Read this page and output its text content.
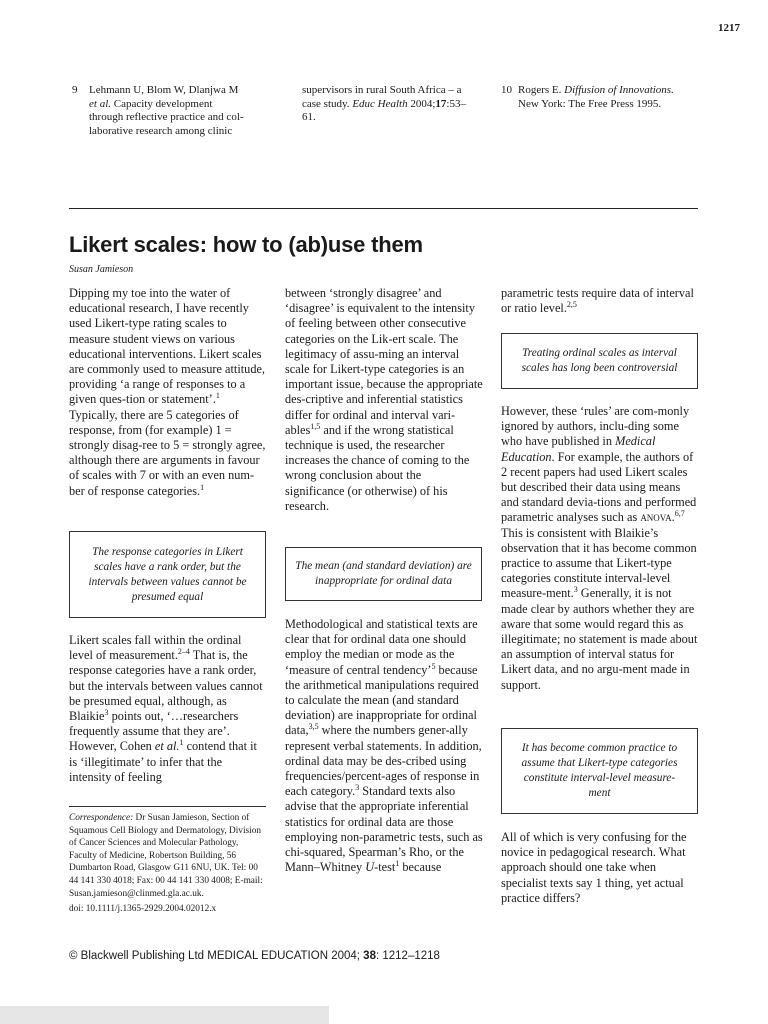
1217
9 Lehmann U, Blom W, Dlanjwa M
et al. Capacity development
through reflective practice and col-
laborative research among clinic
supervisors in rural South Africa – a
case study. Educ Health 2004;17:53–
61.
10 Rogers E. Diffusion of Innovations.
New York: The Free Press 1995.
Likert scales: how to (ab)use them
Susan Jamieson

Dipping my toe into the water of educational research, I have recently used Likert-type rating scales to measure student views on various educational interventions. Likert scales are commonly used to measure attitude, providing ‘a range of responses to a given ques-tion or statement’.$^1$ Typically, there are 5 categories of response, from (for example) 1 = strongly disag-ree to 5 = strongly agree, although there are arguments in favour of scales with 7 or with an even num-ber of response categories.$^1$

The response categories in Likert scales have a rank order, but the intervals between values cannot be presumed equal

Likert scales fall within the ordinal level of measurement.$^{2-4}$ That is, the response categories have a rank order, but the intervals between values cannot be presumed equal, although, as Blaikie$^3$ points out, ‘…researchers frequently assume that they are’. However, Cohen et al.$^1$ contend that it is ‘illegitimate’ to infer that the intensity of feeling

Correspondence: Dr Susan Jamieson, Section of Squamous Cell Biology and Dermatology, Division of Cancer Sciences and Molecular Pathology, Faculty of Medicine, Robertson Building, 56 Dumbarton Road, Glasgow G11 6NU, UK. Tel: 00 44 141 330 4018; Fax: 00 44 141 330 4008; E-mail: Susan.jamieson@clinmed.gla.ac.uk.
doi: 10.1111/j.1365-2929.2004.02012.x

between ‘strongly disagree’ and ‘disagree’ is equivalent to the intensity of feeling between other consecutive categories on the Lik-ert scale. The legitimacy of assu-ming an interval scale for Likert-type categories is an important issue, because the appropriate des-criptive and inferential statistics differ for ordinal and interval vari-ables$^{1,5}$ and if the wrong statistical technique is used, the researcher increases the chance of coming to the wrong conclusion about the significance (or otherwise) of his research.

The mean (and standard deviation) are inappropriate for ordinal data

Methodological and statistical texts are clear that for ordinal data one should employ the median or mode as the ‘measure of central tendency’$^5$ because the arithmetical manipulations required to calculate the mean (and standard deviation) are inappropriate for ordinal data,$^{3,5}$ where the numbers gener-ally represent verbal statements. In addition, ordinal data may be des-cribed using frequencies/percent-ages of response in each category.$^3$ Standard texts also advise that the appropriate inferential statistics for ordinal data are those employing non-parametric tests, such as chi-squared, Spearman’s Rho, or the Mann–Whitney U-test$^1$ because

parametric tests require data of interval or ratio level.$^{2,5}$

Treating ordinal scales as interval scales has long been controversial

However, these ‘rules’ are com-monly ignored by authors, inclu-ding some who have published in Medical Education. For example, the authors of 2 recent papers had used Likert scales but described their data using means and standard devia-tions and performed parametric analyses such as anova.$^{6,7}$ This is consistent with Blaikie’s observation that it has become common practice to assume that Likert-type categories constitute interval-level measure-ment.$^3$ Generally, it is not made clear by authors whether they are aware that some would regard this as illegitimate; no statement is made about an assumption of interval status for Likert data, and no argu-ment made in support.

It has become common practice to assume that Likert-type categories constitute interval-level measure-ment

All of which is very confusing for the novice in pedagogical research. What approach should one take when specialist texts say 1 thing, yet actual practice differs?

© Blackwell Publishing Ltd MEDICAL EDUCATION 2004; 38: 1212–1218
